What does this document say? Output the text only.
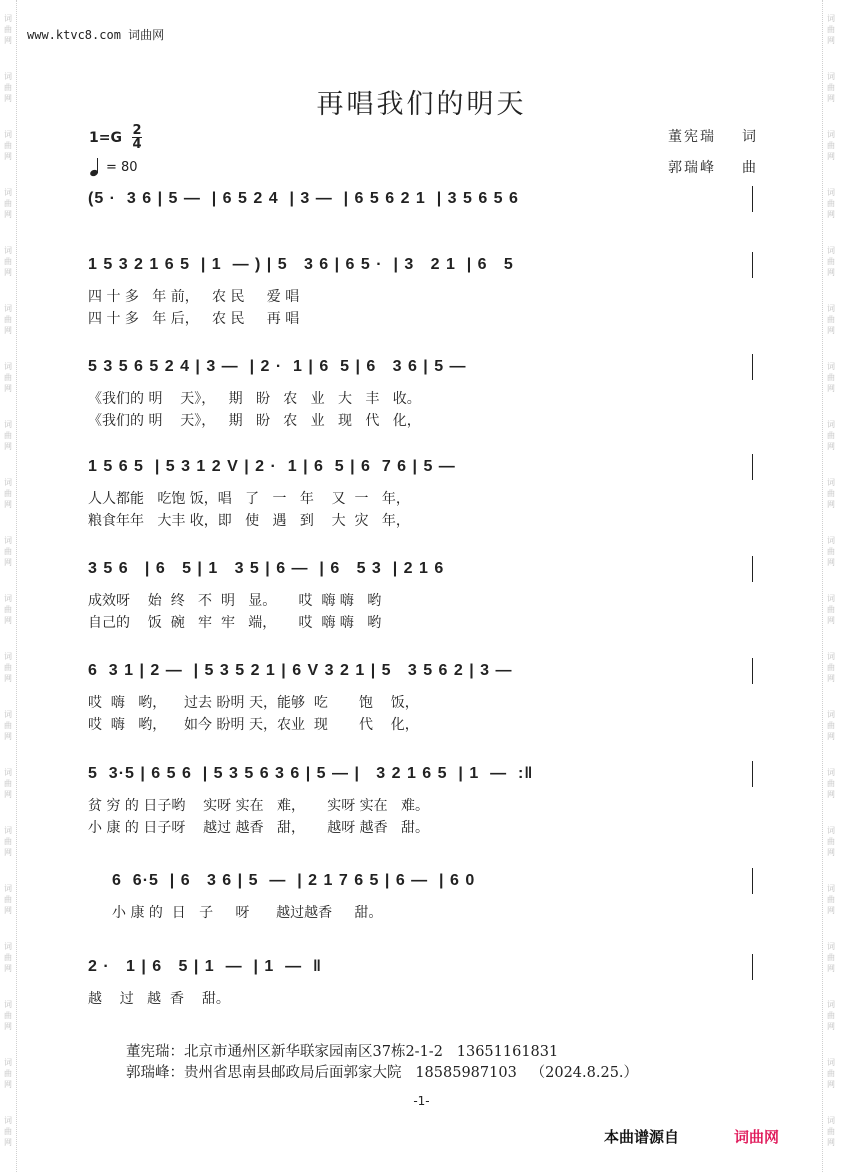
词
曲
网
词
曲
网
词
曲
网
词
曲
网
词
曲
网
词
曲
网
词
曲
网
词
曲
网
词
曲
网
词
曲
网
词
曲
网
词
曲
网
词
曲
网
词
曲
网
词
曲
网
词
曲
网
词
曲
网
词
曲
网
词
曲
网
词
曲
网
词
曲
网
词
曲
网
词
曲
网
词
曲
网
词
曲
网
词
曲
网
词
曲
网
词
曲
网
词
曲
网
词
曲
网
词
曲
网
词
曲
网
词
曲
网
词
曲
网
词
曲
网
词
曲
网
词
曲
网
词
曲
网
词
曲
网
词
曲
网
www.ktvc8.com 词曲网
再唱我们的明天
1=G 2
4
= 80
董宪瑞 词
郭瑞峰 曲
(5 ·  3 6 | 5 —  | 6 5 2 4  | 3 —  | 6 5 6 2 1  | 3 5 6 5 6
1 5 3 2 1 6 5  | 1  — ) | 5   3 6 | 6 5 ·  | 3   2 1  | 6   5
四 十 多   年 前，   农 民     爱 唱
四 十 多   年 后，   农 民     再 唱
5 3 5 6 5 2 4 | 3 —  | 2 ·  1 | 6  5 | 6   3 6 | 5 —
《我们的 明    天》，   期   盼   农   业   大   丰   收。
《我们的 明    天》，   期   盼   农   业   现   代   化，
1 5 6 5  | 5 3 1 2 V | 2 ·  1 | 6  5 | 6  7 6 | 5 —
人人都能   吃饱 饭，唱   了   一   年    又  一   年，
粮食年年   大丰 收，即   使   遇   到    大  灾   年，
3 5 6   | 6   5 | 1   3 5 | 6 —  | 6   5 3  | 2 1 6
成效呀    始  终   不  明   显。     哎  嗨 嗨   哟
自己的    饭  碗   牢  牢   端，     哎  嗨 嗨   哟
6  3 1 | 2 —  | 5 3 5 2 1 | 6 V 3 2 1 | 5   3 5 6 2 | 3 —
哎  嗨   哟，    过去 盼明 天，能够  吃       饱    饭，
哎  嗨   哟，    如今 盼明 天，农业  现       代    化，
5  3·5 | 6 5 6  | 5 3 5 6 3 6 | 5 — |   3 2 1 6 5  | 1  —  :‖
贫 穷 的 日子哟    实呀 实在   难，     实呀 实在   难。
小 康 的 日子呀    越过 越香   甜，     越呀 越香   甜。
6  6·5  | 6   3 6 | 5  —  | 2 1 7 6 5 | 6 —  | 6 0
小 康 的  日   子     呀      越过越香     甜。
2 ·   1 | 6   5 | 1  —  | 1  —  ‖
越    过   越  香    甜。
董宪瑞：北京市通州区新华联家园南区37栋2-1-2   13651161831
郭瑞峰：贵州省思南县邮政局后面郭家大院   18585987103   （2024.8.25.）
-1-
本曲谱源自	词曲网
